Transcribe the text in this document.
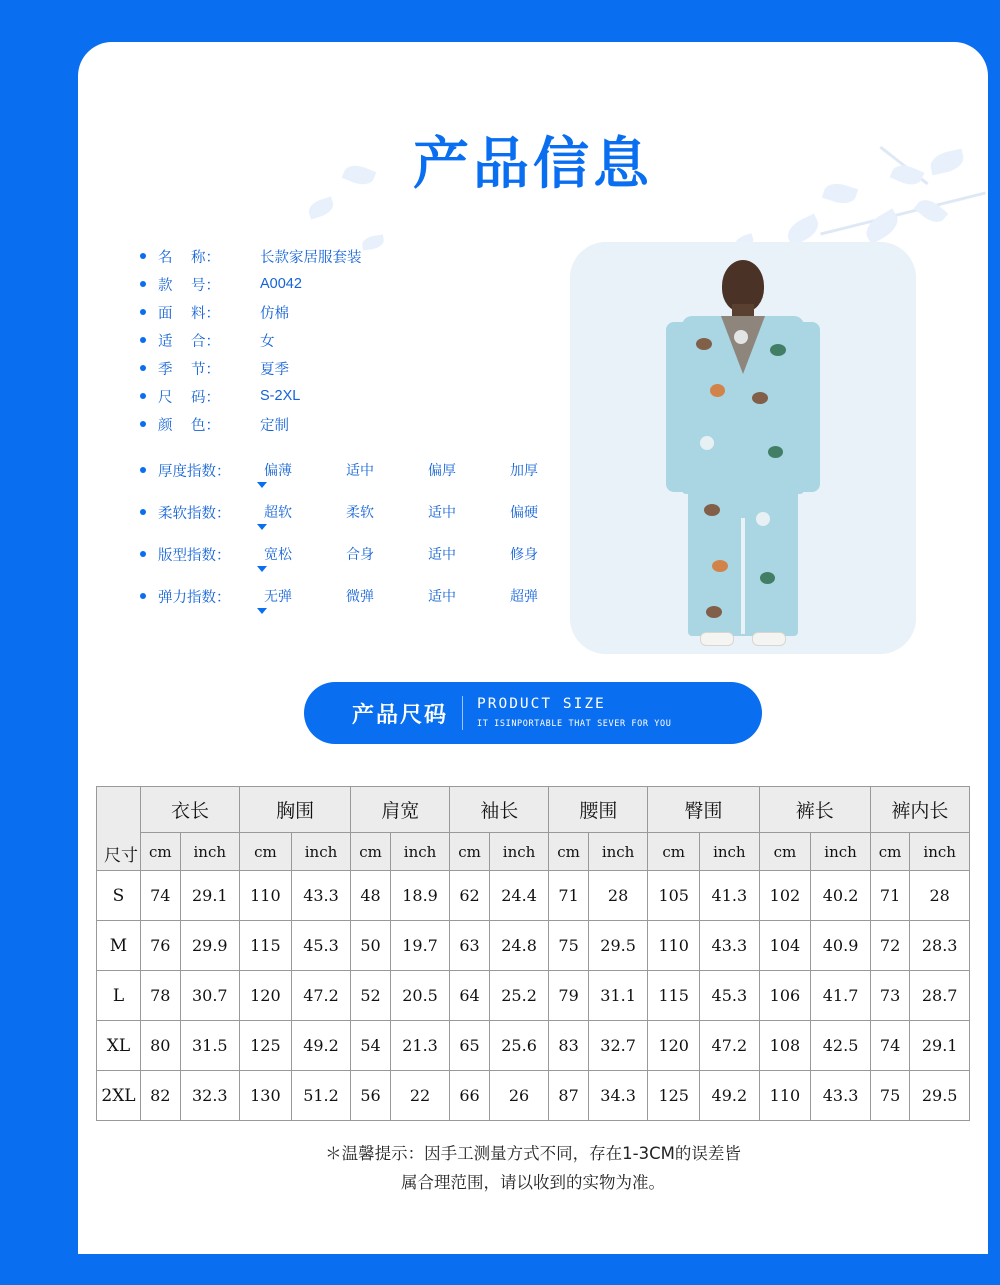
产品信息
名　 称：	长款家居服套装
款　 号：	A0042
面　 料：	仿棉
适　 合：	女
季　 节：	夏季
尺　 码：	S-2XL
颜　 色：	定制
厚度指数：	偏薄	适中	偏厚	加厚
柔软指数：	超软	柔软	适中	偏硬
版型指数：	宽松	合身	适中	修身
弹力指数：	无弹	微弹	适中	超弹
产品尺码 PRODUCT SIZE
IT ISINPORTABLE THAT SEVER FOR YOU
尺寸	衣长		胸围		肩宽		袖长		腰围		臀围		裤长		裤内长	
	cm	inch	cm	inch	cm	inch	cm	inch	cm	inch	cm	inch	cm	inch	cm	inch
S	74	29.1	110	43.3	48	18.9	62	24.4	71	28	105	41.3	102	40.2	71	28
M	76	29.9	115	45.3	50	19.7	63	24.8	75	29.5	110	43.3	104	40.9	72	28.3
L	78	30.7	120	47.2	52	20.5	64	25.2	79	31.1	115	45.3	106	41.7	73	28.7
XL	80	31.5	125	49.2	54	21.3	65	25.6	83	32.7	120	47.2	108	42.5	74	29.1
2XL	82	32.3	130	51.2	56	22	66	26	87	34.3	125	49.2	110	43.3	75	29.5
＊温馨提示：因手工测量方式不同，存在1-3CM的误差皆
属合理范围，请以收到的实物为准。
